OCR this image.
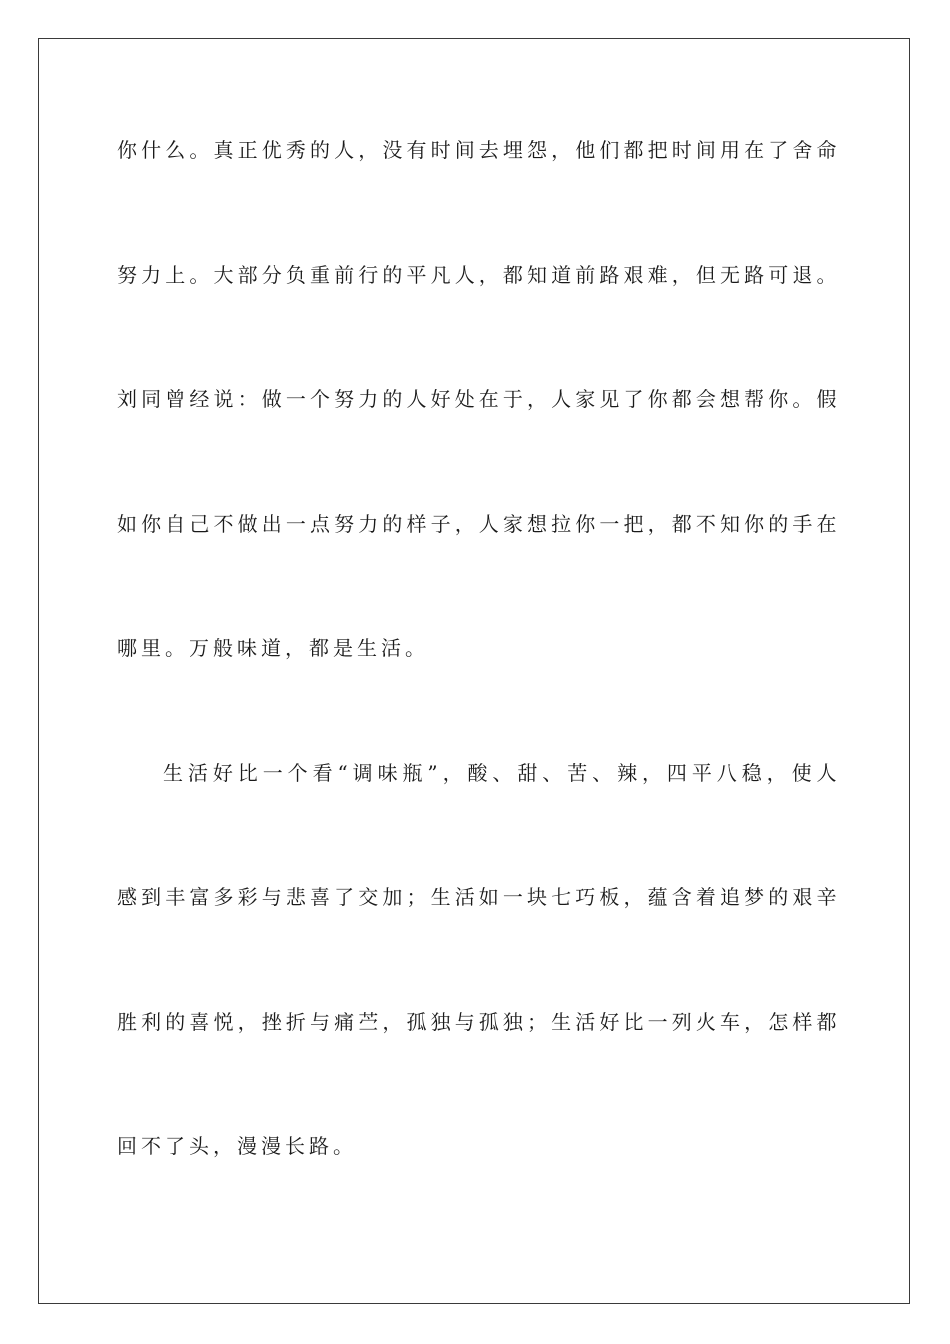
你什么。真正优秀的人，没有时间去埋怨，他们都把时间用在了舍命
努力上。大部分负重前行的平凡人，都知道前路艰难，但无路可退。
刘同曾经说：做一个努力的人好处在于，人家见了你都会想帮你。假
如你自己不做出一点努力的样子，人家想拉你一把，都不知你的手在
哪里。万般味道，都是生活。
生活好比一个看“调味瓶”，酸、甜、苦、辣，四平八稳，使人
感到丰富多彩与悲喜了交加；生活如一块七巧板，蕴含着追梦的艰辛
胜利的喜悦，挫折与痛苎，孤独与孤独；生活好比一列火车，怎样都
回不了头，漫漫长路。
